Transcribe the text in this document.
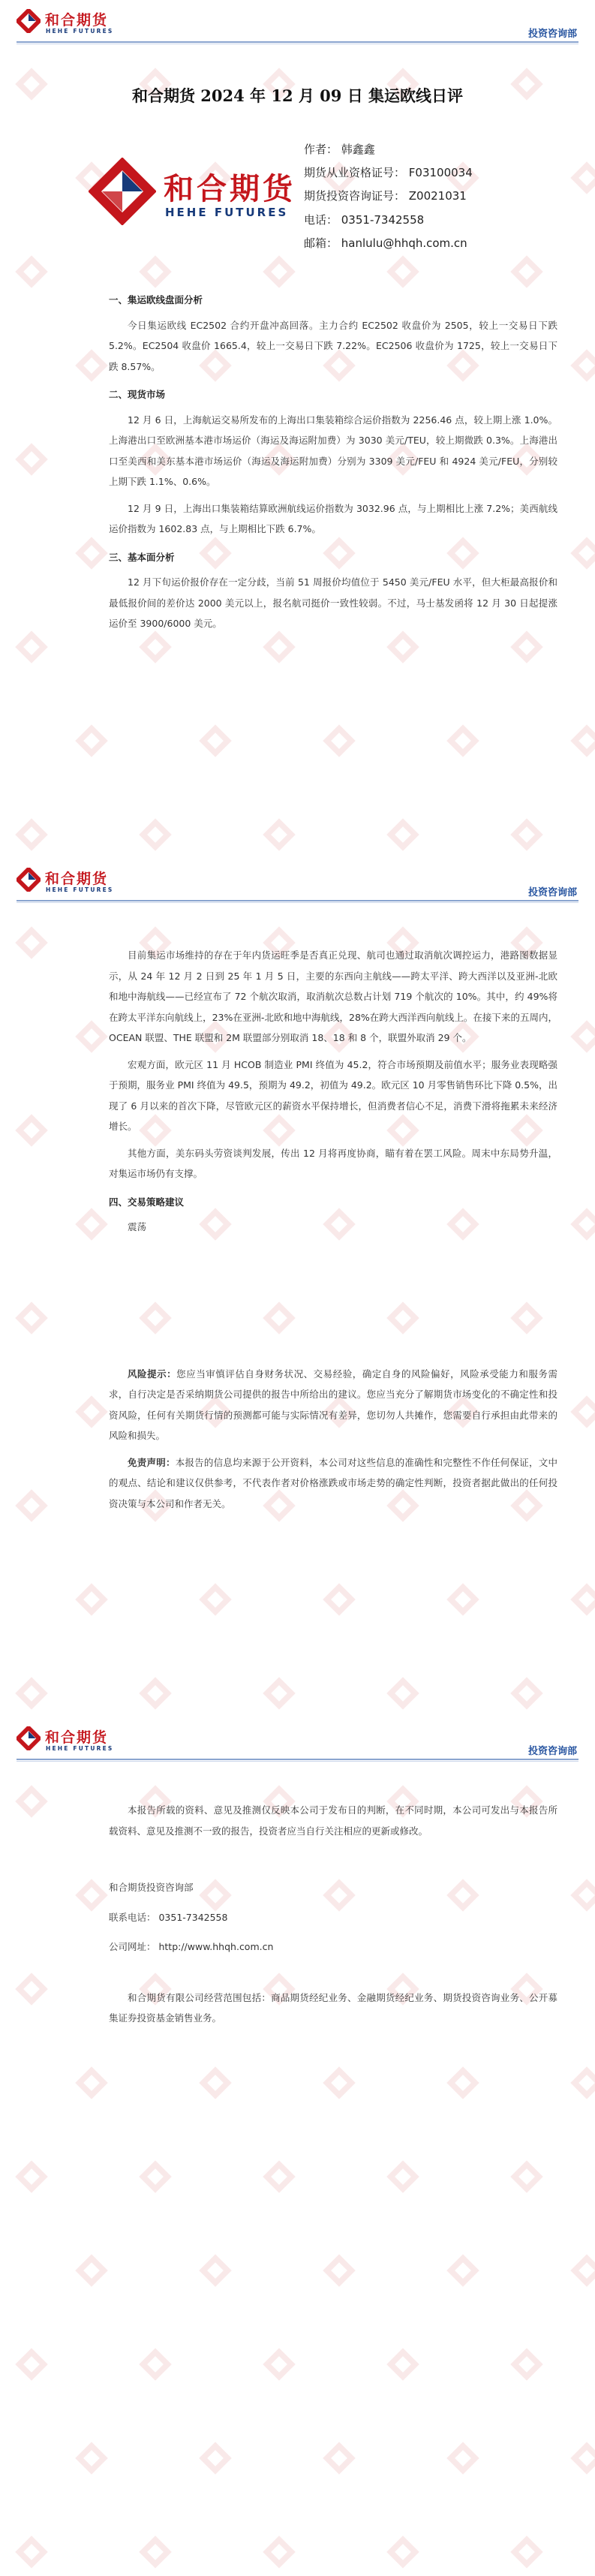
和合期货
HEHE FUTURES	投资咨询部
和合期货 2024 年 12 月 09 日 集运欧线日评
和合期货
HEHE FUTURES
作者： 韩鑫鑫
期货从业资格证号： F03100034
期货投资咨询证号： Z0021031
电话： 0351-7342558
邮箱： hanlulu@hhqh.com.cn
一、集运欧线盘面分析

今日集运欧线 EC2502 合约开盘冲高回落。主力合约 EC2502 收盘价为 2505，较上一交易日下跌 5.2%。EC2504 收盘价 1665.4，较上一交易日下跌 7.22%。EC2506 收盘价为 1725，较上一交易日下跌 8.57%。

二、现货市场

12 月 6 日，上海航运交易所发布的上海出口集装箱综合运价指数为 2256.46 点，较上期上涨 1.0%。上海港出口至欧洲基本港市场运价（海运及海运附加费）为 3030 美元/TEU，较上期微跌 0.3%。上海港出口至美西和美东基本港市场运价（海运及海运附加费）分别为 3309 美元/FEU 和 4924 美元/FEU，分别较上期下跌 1.1%、0.6%。

12 月 9 日，上海出口集装箱结算欧洲航线运价指数为 3032.96 点，与上期相比上涨 7.2%；美西航线运价指数为 1602.83 点，与上期相比下跌 6.7%。

三、基本面分析

12 月下旬运价报价存在一定分歧，当前 51 周报价均值位于 5450 美元/FEU 水平，但大柜最高报价和最低报价间的差价达 2000 美元以上，报名航司挺价一致性较弱。不过，马士基发函将 12 月 30 日起提涨运价至 3900/6000 美元。

和合期货
HEHE FUTURES	投资咨询部

目前集运市场维持的存在于年内货运旺季是否真正兑现、航司也通过取消航次调控运力，港路图数据显示，从 24 年 12 月 2 日到 25 年 1 月 5 日，主要的东西向主航线——跨太平洋、跨大西洋以及亚洲-北欧和地中海航线——已经宣布了 72 个航次取消，取消航次总数占计划 719 个航次的 10%。其中，约 49%将在跨太平洋东向航线上，23%在亚洲-北欧和地中海航线，28%在跨大西洋西向航线上。在接下来的五周内，OCEAN 联盟、THE 联盟和 2M 联盟部分别取消 18、18 和 8 个，联盟外取消 29 个。

宏观方面，欧元区 11 月 HCOB 制造业 PMI 终值为 45.2，符合市场预期及前值水平；服务业表现略强于预期，服务业 PMI 终值为 49.5，预期为 49.2，初值为 49.2。欧元区 10 月零售销售环比下降 0.5%，出现了 6 月以来的首次下降，尽管欧元区的薪资水平保持增长，但消费者信心不足，消费下滑将拖累未来经济增长。

其他方面，美东码头劳资谈判发展，传出 12 月将再度协商，瞄有着在罢工风险。周末中东局势升温，对集运市场仍有支撑。

四、交易策略建议

震荡

风险提示：您应当审慎评估自身财务状况、交易经验，确定自身的风险偏好，风险承受能力和服务需求，自行决定是否采纳期货公司提供的报告中所给出的建议。您应当充分了解期货市场变化的不确定性和投资风险，任何有关期货行情的预测都可能与实际情况有差异，您切勿人共摊作，您需要自行承担由此带来的风险和损失。

免责声明：本报告的信息均来源于公开资料，本公司对这些信息的准确性和完整性不作任何保证，文中的观点、结论和建议仅供参考，不代表作者对价格涨跌或市场走势的确定性判断，投资者据此做出的任何投资决策与本公司和作者无关。

和合期货
HEHE FUTURES	投资咨询部

本报告所载的资料、意见及推测仅反映本公司于发布日的判断，在不同时期，本公司可发出与本报告所载资料、意见及推测不一致的报告，投资者应当自行关注相应的更新或修改。

和合期货投资咨询部

联系电话： 0351-7342558

公司网址： http://www.hhqh.com.cn

和合期货有限公司经营范围包括：商品期货经纪业务、金融期货经纪业务、期货投资咨询业务、公开募集证券投资基金销售业务。
